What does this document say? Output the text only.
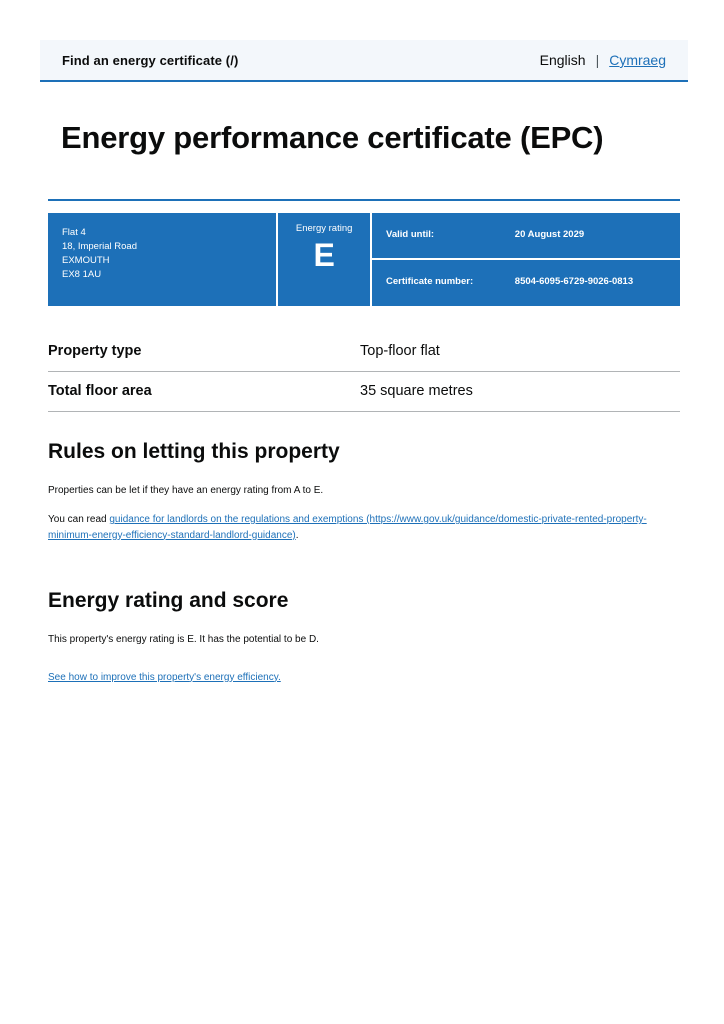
Find an energy certificate (/)	English | Cymraeg
Energy performance certificate (EPC)
Flat 4
18, Imperial Road
EXMOUTH
EX8 1AU
Energy rating
E
Valid until:	20 August 2029
Certificate number:	8504-6095-6729-9026-0813
Property type	Top-floor flat
Total floor area	35 square metres
Rules on letting this property

Properties can be let if they have an energy rating from A to E.

You can read guidance for landlords on the regulations and exemptions (https://www.gov.uk/guidance/domestic-private-rented-property-minimum-energy-efficiency-standard-landlord-guidance).

Energy rating and score

This property's energy rating is E. It has the potential to be D.

See how to improve this property's energy efficiency.
